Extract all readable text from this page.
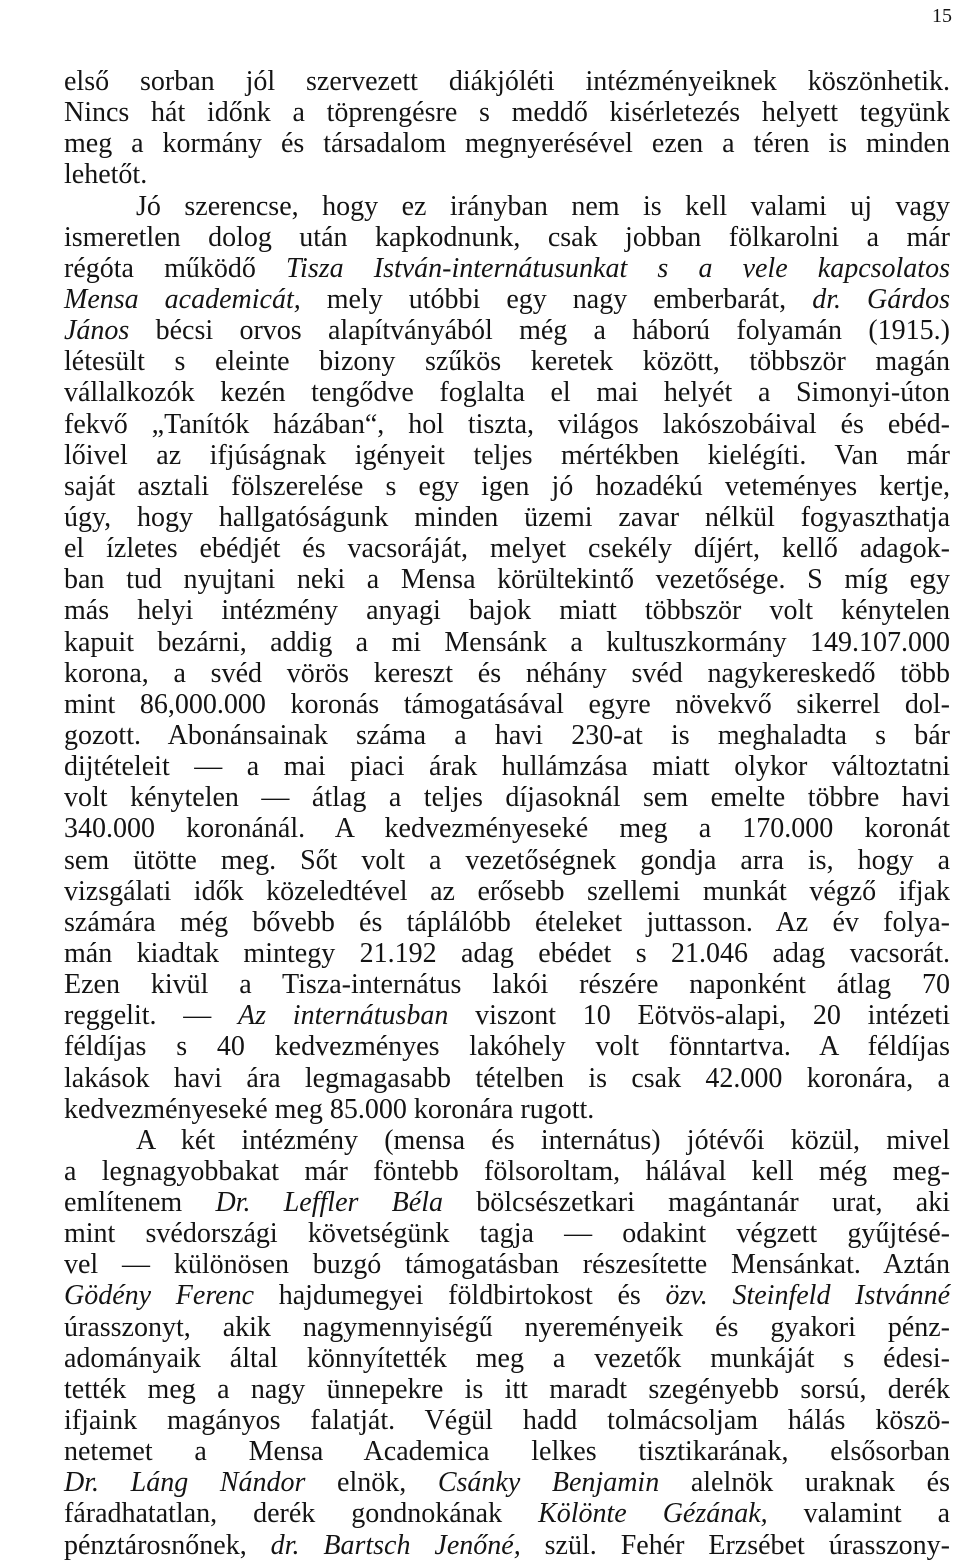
15
első sorban jól szervezett diákjóléti intézményeiknek köszönhetik.
Nincs hát időnk a töprengésre s meddő kisérletezés helyett tegyünk
meg a kormány és társadalom megnyerésével ezen a téren is minden
lehetőt.
Jó szerencse, hogy ez irányban nem is kell valami uj vagy
ismeretlen dolog után kapkodnunk, csak jobban fölkarolni a már
régóta működő Tisza István-internátusunkat s a vele kapcsolatos
Mensa academicát, mely utóbbi egy nagy emberbarát, dr. Gárdos
János bécsi orvos alapítványából még a háború folyamán (1915.)
létesült s eleinte bizony szűkös keretek között, többször magán
vállalkozók kezén tengődve foglalta el mai helyét a Simonyi-úton
fekvő „Tanítók házában“, hol tiszta, világos lakószobáival és ebéd-
lőivel az ifjúságnak igényeit teljes mértékben kielégíti. Van már
saját asztali fölszerelése s egy igen jó hozadékú veteményes kertje,
úgy, hogy hallgatóságunk minden üzemi zavar nélkül fogyaszthatja
el ízletes ebédjét és vacsoráját, melyet csekély díjért, kellő adagok-
ban tud nyujtani neki a Mensa körültekintő vezetősége. S míg egy
más helyi intézmény anyagi bajok miatt többször volt kénytelen
kapuit bezárni, addig a mi Mensánk a kultuszkormány 149.107.000
korona, a svéd vörös kereszt és néhány svéd nagykereskedő több
mint 86,000.000 koronás támogatásával egyre növekvő sikerrel dol-
gozott. Abonánsainak száma a havi 230-at is meghaladta s bár
dijtételeit — a mai piaci árak hullámzása miatt olykor változtatni
volt kénytelen — átlag a teljes díjasoknál sem emelte többre havi
340.000 koronánál. A kedvezményeseké meg a 170.000 koronát
sem ütötte meg. Sőt volt a vezetőségnek gondja arra is, hogy a
vizsgálati idők közeledtével az erősebb szellemi munkát végző ifjak
számára még bővebb és táplálóbb ételeket juttasson. Az év folya-
mán kiadtak mintegy 21.192 adag ebédet s 21.046 adag vacsorát.
Ezen kivül a Tisza-internátus lakói részére naponként átlag 70
reggelit. — Az internátusban viszont 10 Eötvös-alapi, 20 intézeti
féldíjas s 40 kedvezményes lakóhely volt fönntartva. A féldíjas
lakások havi ára legmagasabb tételben is csak 42.000 koronára, a
kedvezményeseké meg 85.000 koronára rugott.
A két intézmény (mensa és internátus) jótévői közül, mivel
a legnagyobbakat már föntebb fölsoroltam, hálával kell még meg-
említenem Dr. Leffler Béla bölcsészetkari magántanár urat, aki
mint svédországi követségünk tagja — odakint végzett gyűjtésé-
vel — különösen buzgó támogatásban részesítette Mensánkat. Aztán
Gödény Ferenc hajdumegyei földbirtokost és özv. Steinfeld Istvánné
úrasszonyt, akik nagymennyiségű nyereményeik és gyakori pénz-
adományaik által könnyítették meg a vezetők munkáját s édesi-
tették meg a nagy ünnepekre is itt maradt szegényebb sorsú, derék
ifjaink magányos falatját. Végül hadd tolmácsoljam hálás köszö-
netemet a Mensa Academica lelkes tisztikarának, elsősorban
Dr. Láng Nándor elnök, Csánky Benjamin alelnök uraknak és
fáradhatatlan, derék gondnokának Kölönte Gézának, valamint a
pénztárosnőnek, dr. Bartsch Jenőné, szül. Fehér Erzsébet úrasszony-
